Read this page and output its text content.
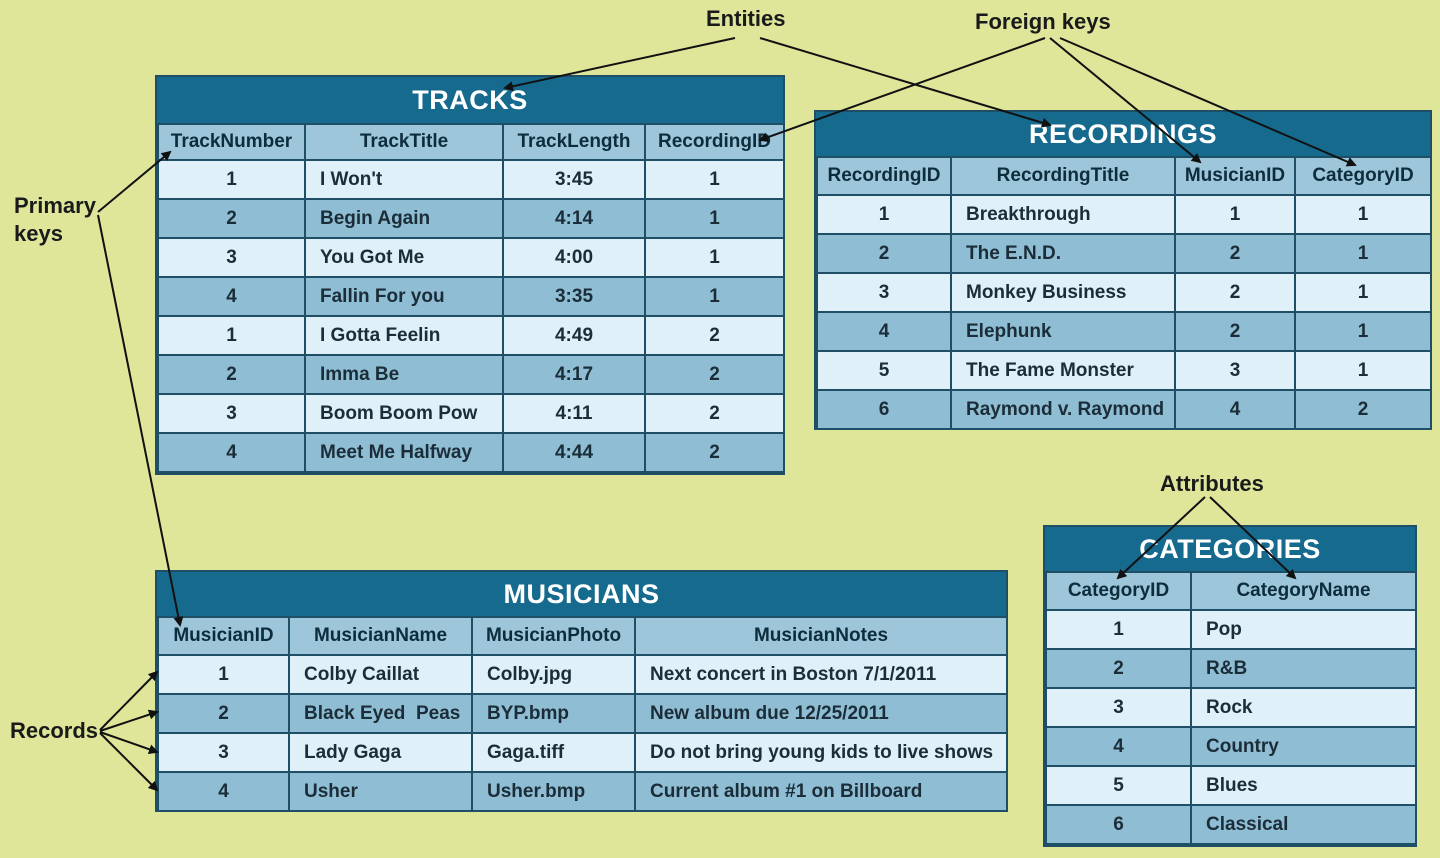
TRACKS
TrackNumber	TrackTitle	TrackLength	RecordingID
1	I Won't	3:45	1
2	Begin Again	4:14	1
3	You Got Me	4:00	1
4	Fallin For you	3:35	1
1	I Gotta Feelin	4:49	2
2	Imma Be	4:17	2
3	Boom Boom Pow	4:11	2
4	Meet Me Halfway	4:44	2
RECORDINGS
RecordingID	RecordingTitle	MusicianID	CategoryID
1	Breakthrough	1	1
2	The E.N.D.	2	1
3	Monkey Business	2	1
4	Elephunk	2	1
5	The Fame Monster	3	1
6	Raymond v. Raymond	4	2
MUSICIANS
MusicianID	MusicianName	MusicianPhoto	MusicianNotes
1	Colby Caillat	Colby.jpg	Next concert in Boston 7/1/2011
2	Black Eyed  Peas	BYP.bmp	New album due 12/25/2011
3	Lady Gaga	Gaga.tiff	Do not bring young kids to live shows
4	Usher	Usher.bmp	Current album #1 on Billboard
CATEGORIES
CategoryID	CategoryName
1	Pop
2	R&B
3	Rock
4	Country
5	Blues
6	Classical
Entities	Foreign keys
Primary
keys
Records
Attributes
